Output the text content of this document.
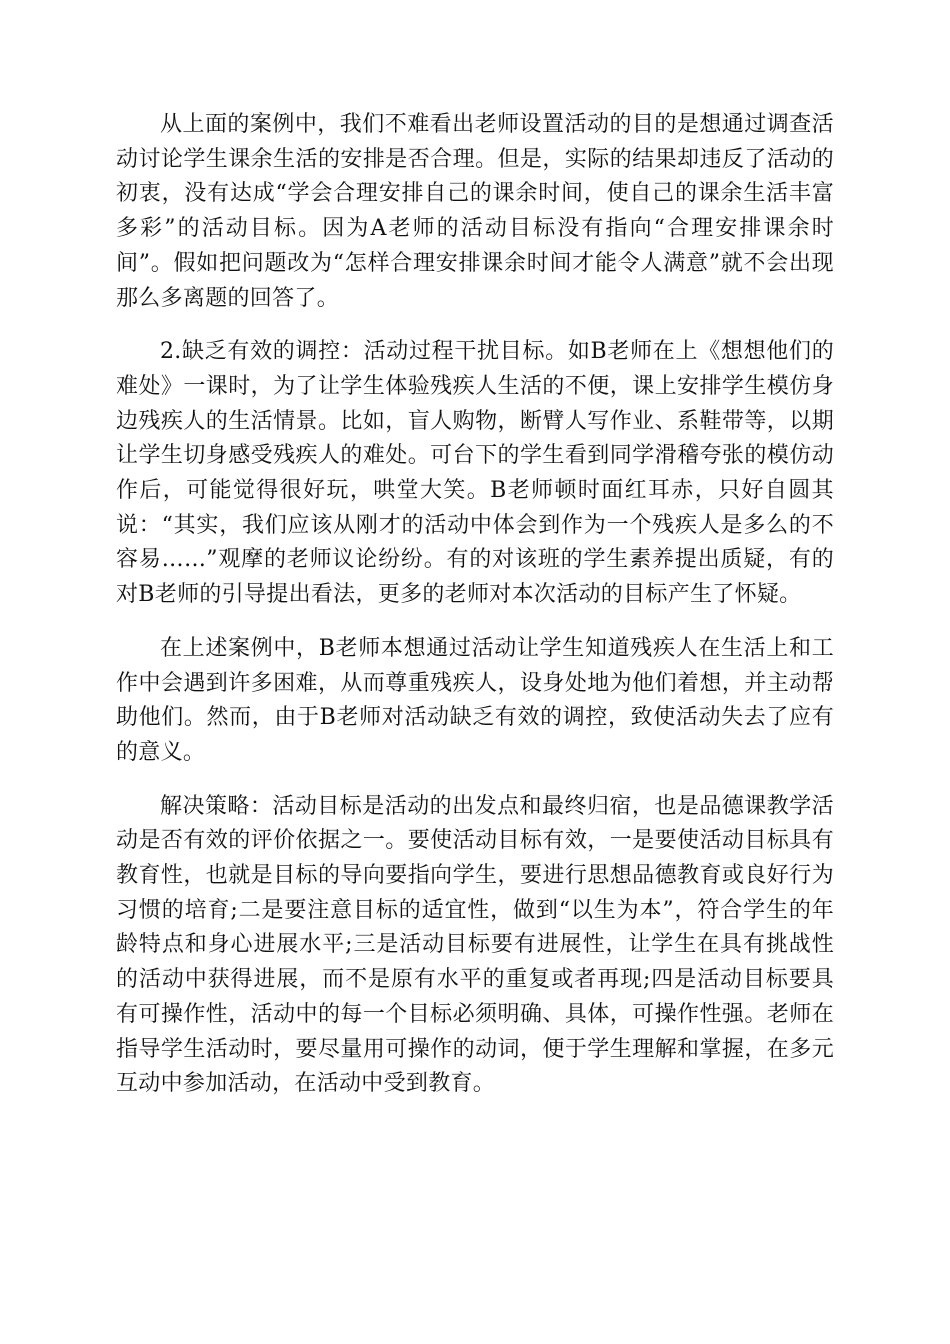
从上面的案例中，我们不难看出老师设置活动的目的是想通过调查活动讨论学生课余生活的安排是否合理。但是，实际的结果却违反了活动的初衷，没有达成“学会合理安排自己的课余时间，使自己的课余生活丰富多彩”的活动目标。因为A老师的活动目标没有指向“合理安排课余时间”。假如把问题改为“怎样合理安排课余时间才能令人满意”就不会出现那么多离题的回答了。

2.缺乏有效的调控：活动过程干扰目标。如B老师在上《想想他们的难处》一课时，为了让学生体验残疾人生活的不便，课上安排学生模仿身边残疾人的生活情景。比如，盲人购物，断臂人写作业、系鞋带等，以期让学生切身感受残疾人的难处。可台下的学生看到同学滑稽夸张的模仿动作后，可能觉得很好玩，哄堂大笑。B老师顿时面红耳赤，只好自圆其说：“其实，我们应该从刚才的活动中体会到作为一个残疾人是多么的不容易……”观摩的老师议论纷纷。有的对该班的学生素养提出质疑，有的对B老师的引导提出看法，更多的老师对本次活动的目标产生了怀疑。

在上述案例中，B老师本想通过活动让学生知道残疾人在生活上和工作中会遇到许多困难，从而尊重残疾人，设身处地为他们着想，并主动帮助他们。然而，由于B老师对活动缺乏有效的调控，致使活动失去了应有的意义。

解决策略：活动目标是活动的出发点和最终归宿，也是品德课教学活动是否有效的评价依据之一。要使活动目标有效，一是要使活动目标具有教育性，也就是目标的导向要指向学生，要进行思想品德教育或良好行为习惯的培育;二是要注意目标的适宜性，做到“以生为本”，符合学生的年龄特点和身心进展水平;三是活动目标要有进展性，让学生在具有挑战性的活动中获得进展，而不是原有水平的重复或者再现;四是活动目标要具有可操作性，活动中的每一个目标必须明确、具体，可操作性强。老师在指导学生活动时，要尽量用可操作的动词，便于学生理解和掌握，在多元互动中参加活动，在活动中受到教育。
